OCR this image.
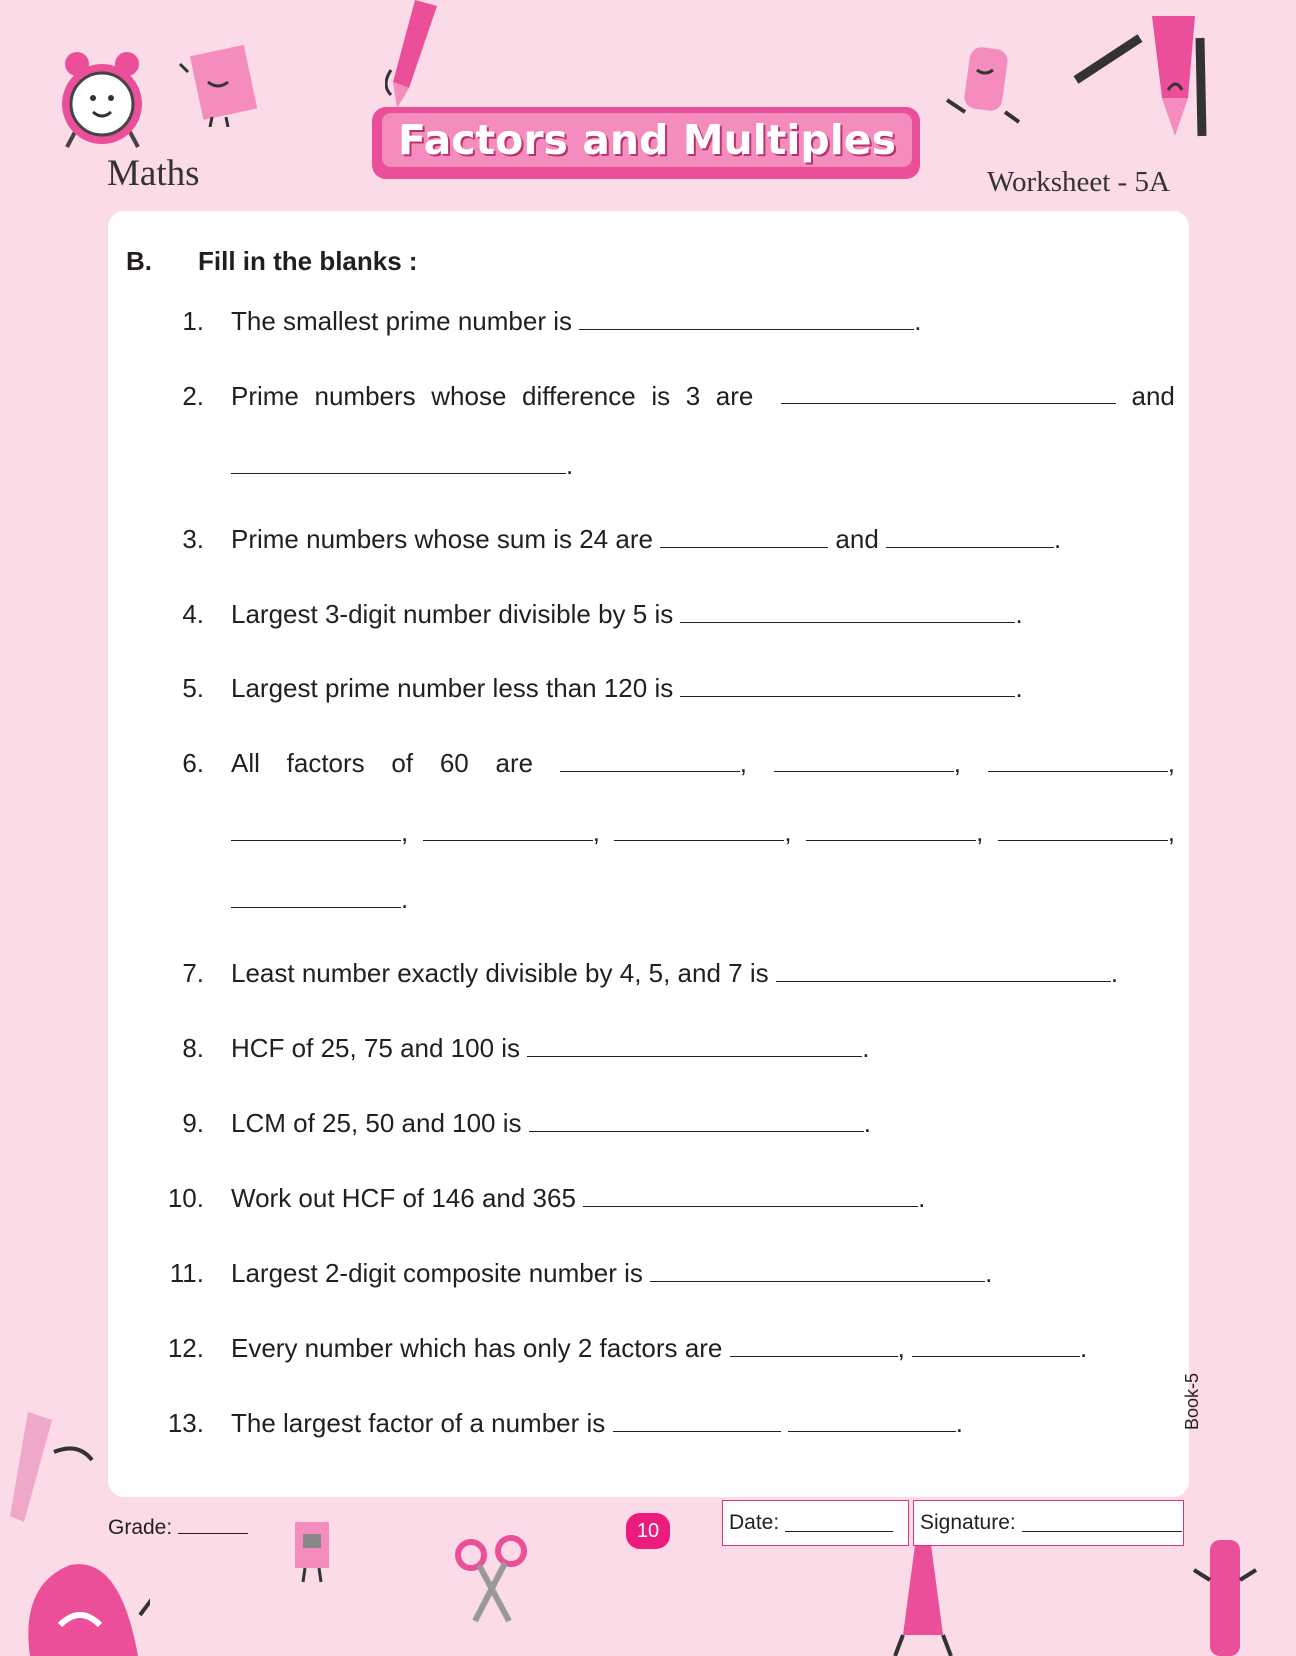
Maths
Factors and Multiples
Worksheet - 5A
B. Fill in the blanks :
1. The smallest prime number is	.
2. Prime numbers whose difference is 3 are	and
.
3. Prime numbers whose sum is 24 are	and	.
4. Largest 3-digit number divisible by 5 is	.
5. Largest prime number less than 120 is	.
6. All factors of 60 are	,	,	,
,	,	,	,	,
.
7. Least number exactly divisible by 4, 5, and 7 is	.
8. HCF of 25, 75 and 100 is	.
9. LCM of 25, 50 and 100 is	.
10. Work out HCF of 146 and 365	.
11. Largest 2-digit composite number is	.
12. Every number which has only 2 factors are	,	.
13. The largest factor of a number is	.	Book-5
Grade:	10	Date:	Signature:
